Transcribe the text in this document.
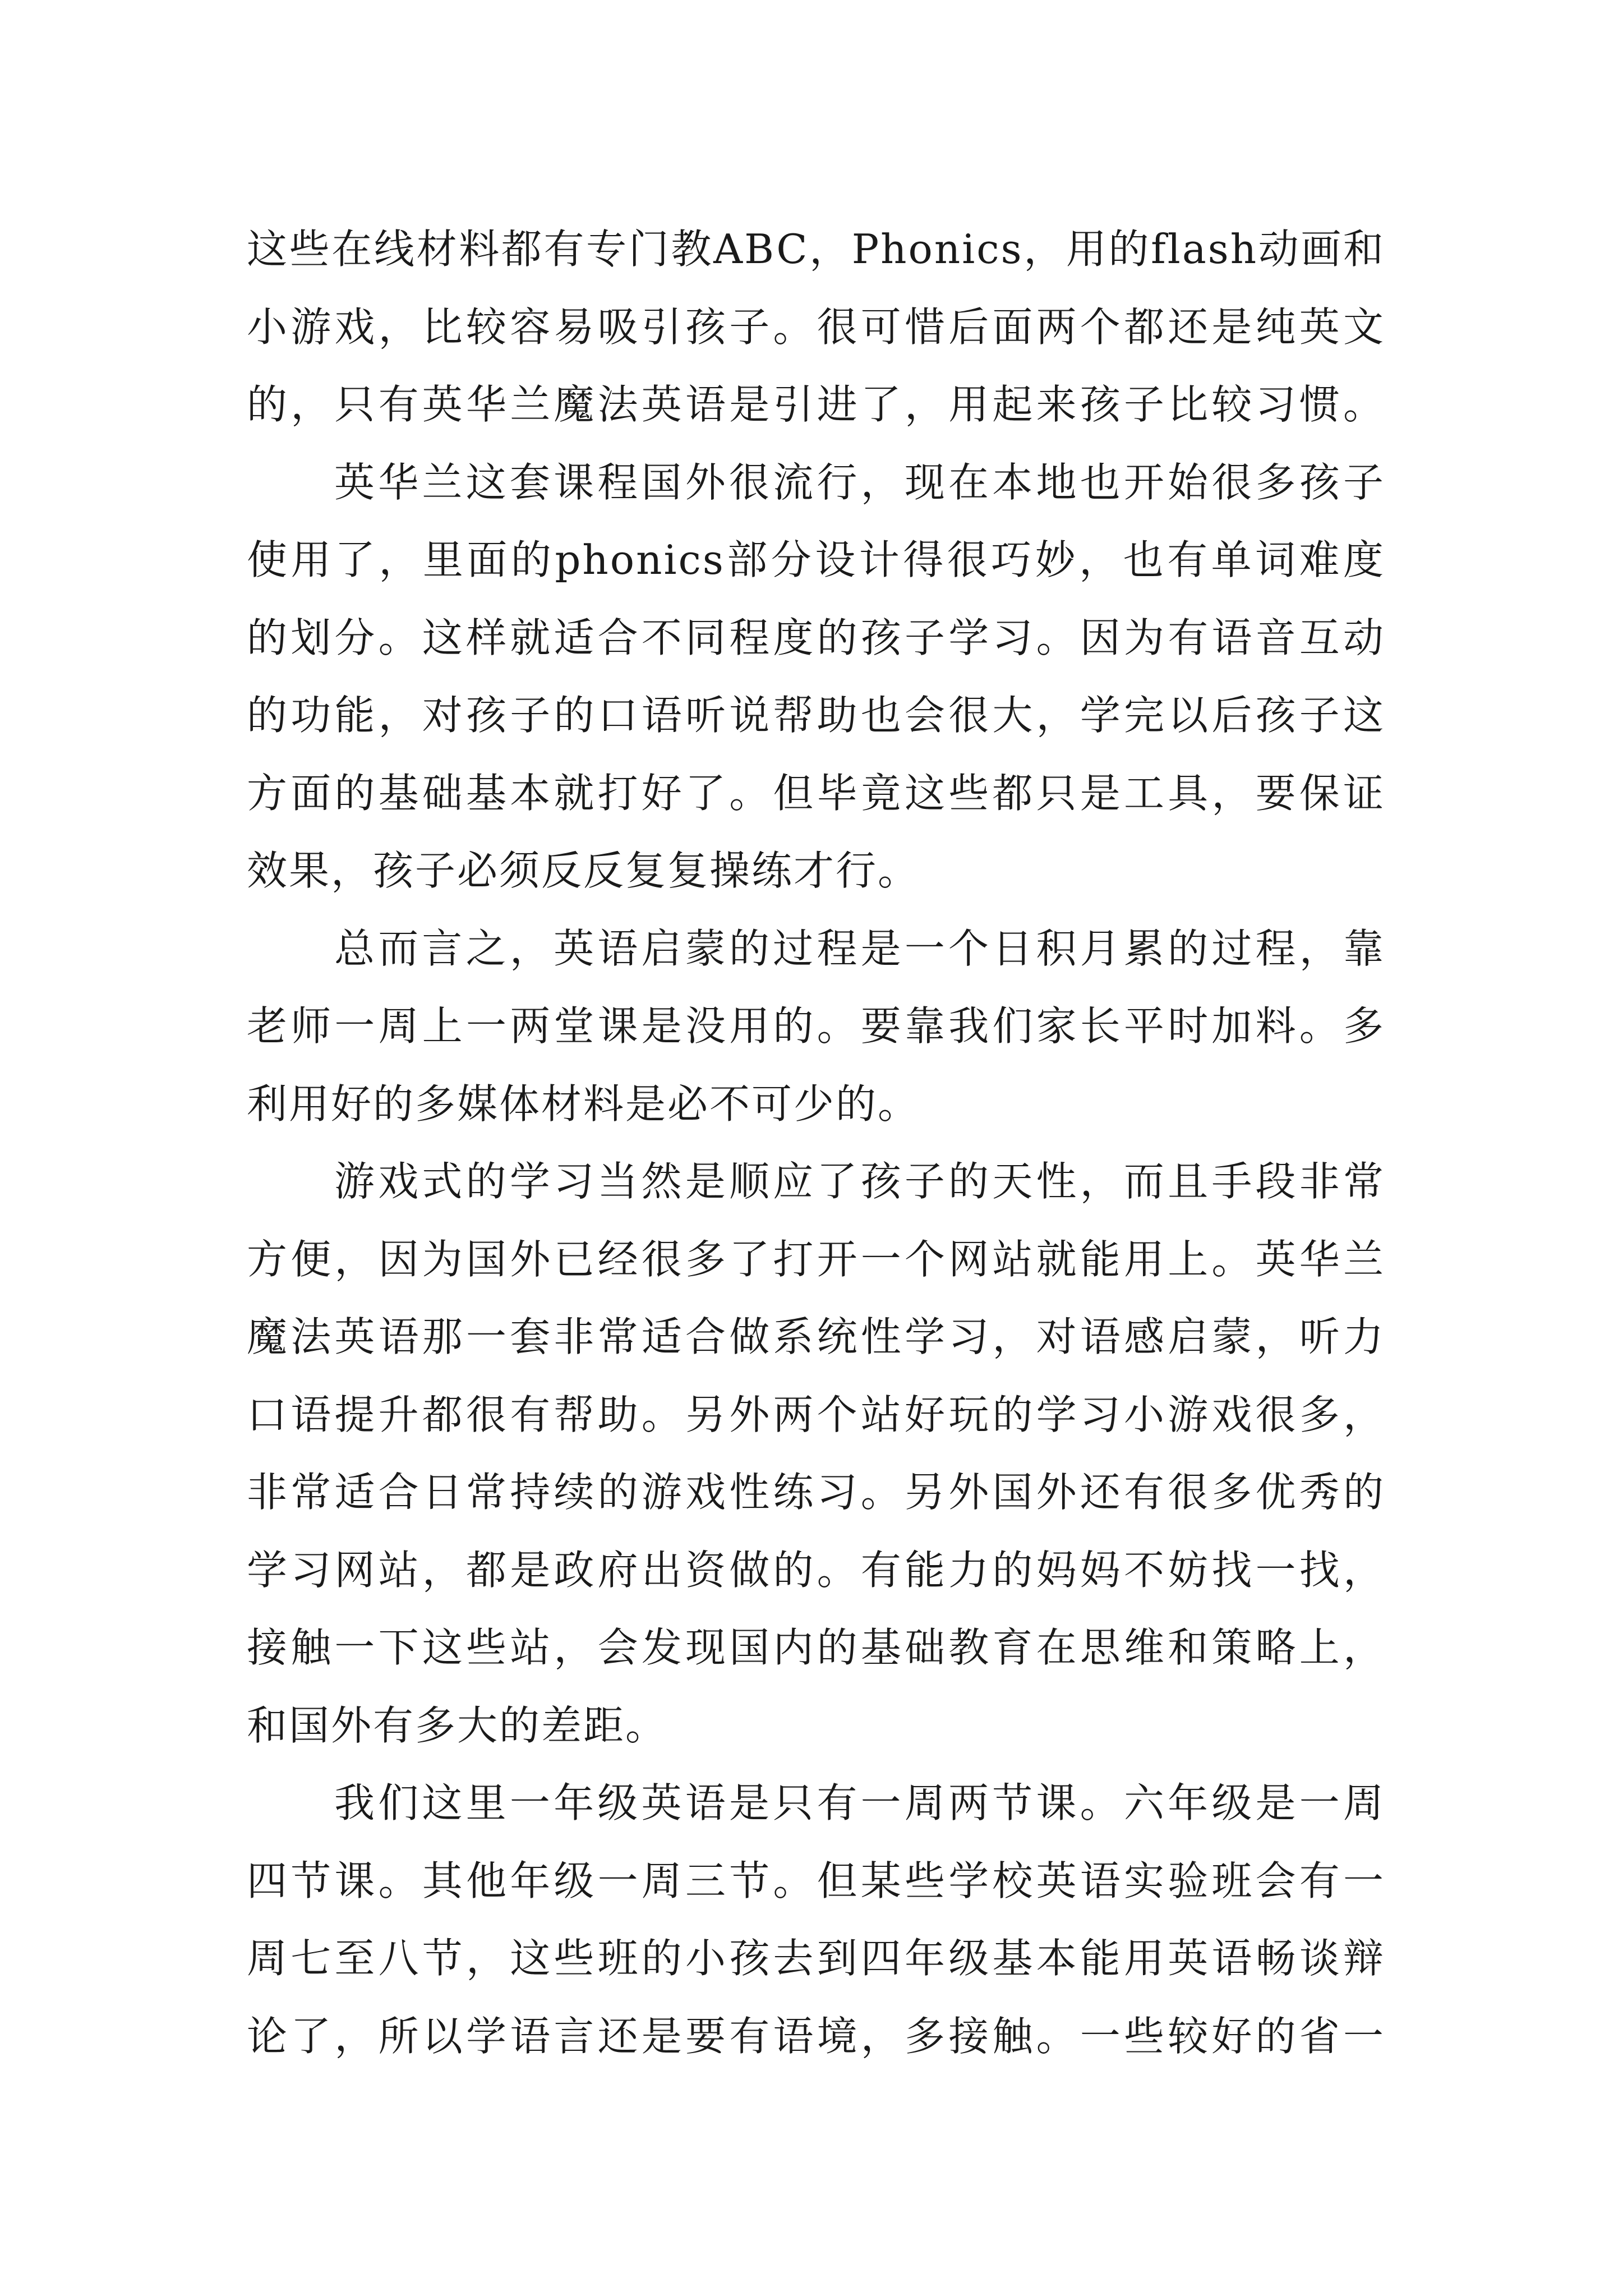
这些在线材料都有专门教ABC，Phonics，用的flash动画和
小游戏，比较容易吸引孩子。很可惜后面两个都还是纯英文
的，只有英华兰魔法英语是引进了，用起来孩子比较习惯。
英华兰这套课程国外很流行，现在本地也开始很多孩子
使用了，里面的phonics部分设计得很巧妙，也有单词难度
的划分。这样就适合不同程度的孩子学习。因为有语音互动
的功能，对孩子的口语听说帮助也会很大，学完以后孩子这
方面的基础基本就打好了。但毕竟这些都只是工具，要保证
效果，孩子必须反反复复操练才行。
总而言之，英语启蒙的过程是一个日积月累的过程，靠
老师一周上一两堂课是没用的。要靠我们家长平时加料。多
利用好的多媒体材料是必不可少的。
游戏式的学习当然是顺应了孩子的天性，而且手段非常
方便，因为国外已经很多了打开一个网站就能用上。英华兰
魔法英语那一套非常适合做系统性学习，对语感启蒙，听力
口语提升都很有帮助。另外两个站好玩的学习小游戏很多，
非常适合日常持续的游戏性练习。另外国外还有很多优秀的
学习网站，都是政府出资做的。有能力的妈妈不妨找一找，
接触一下这些站，会发现国内的基础教育在思维和策略上，
和国外有多大的差距。
我们这里一年级英语是只有一周两节课。六年级是一周
四节课。其他年级一周三节。但某些学校英语实验班会有一
周七至八节，这些班的小孩去到四年级基本能用英语畅谈辩
论了，所以学语言还是要有语境，多接触。一些较好的省一
